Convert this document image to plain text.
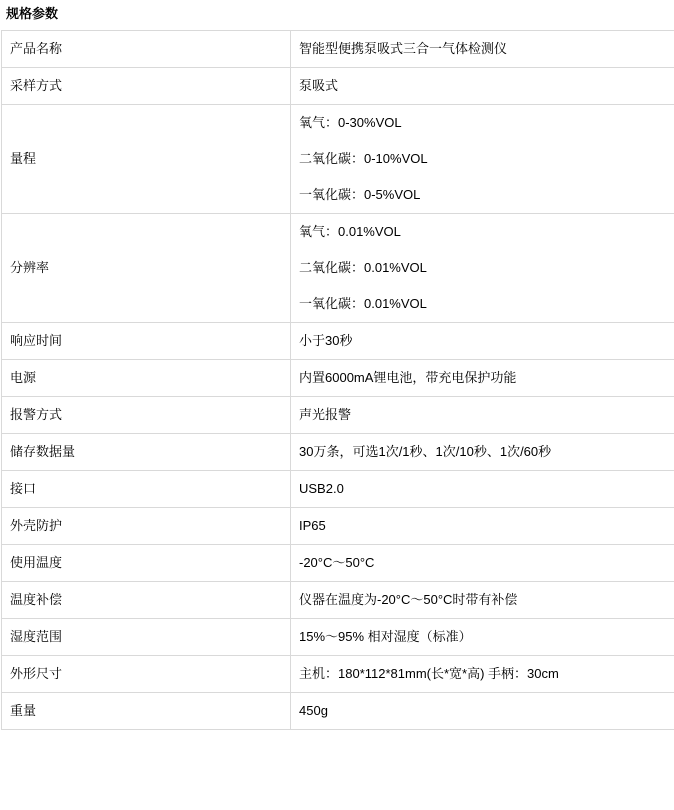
规格参数
产品名称	智能型便携泵吸式三合一气体检测仪
采样方式	泵吸式
量程	氧气：0-30%VOL
二氧化碳：0-10%VOL
一氧化碳：0-5%VOL

分辨率	氧气：0.01%VOL
二氧化碳：0.01%VOL
一氧化碳：0.01%VOL

响应时间	小于30秒
电源	内置6000mA锂电池，带充电保护功能
报警方式	声光报警
储存数据量	30万条，可选1次/1秒、1次/10秒、1次/60秒
接口	USB2.0
外壳防护	IP65
使用温度	-20°C～50°C
温度补偿	仪器在温度为-20°C～50°C时带有补偿
湿度范围	15%～95% 相对湿度（标准）
外形尺寸	主机：180*112*81mm(长*宽*高) 手柄：30cm
重量	450g
